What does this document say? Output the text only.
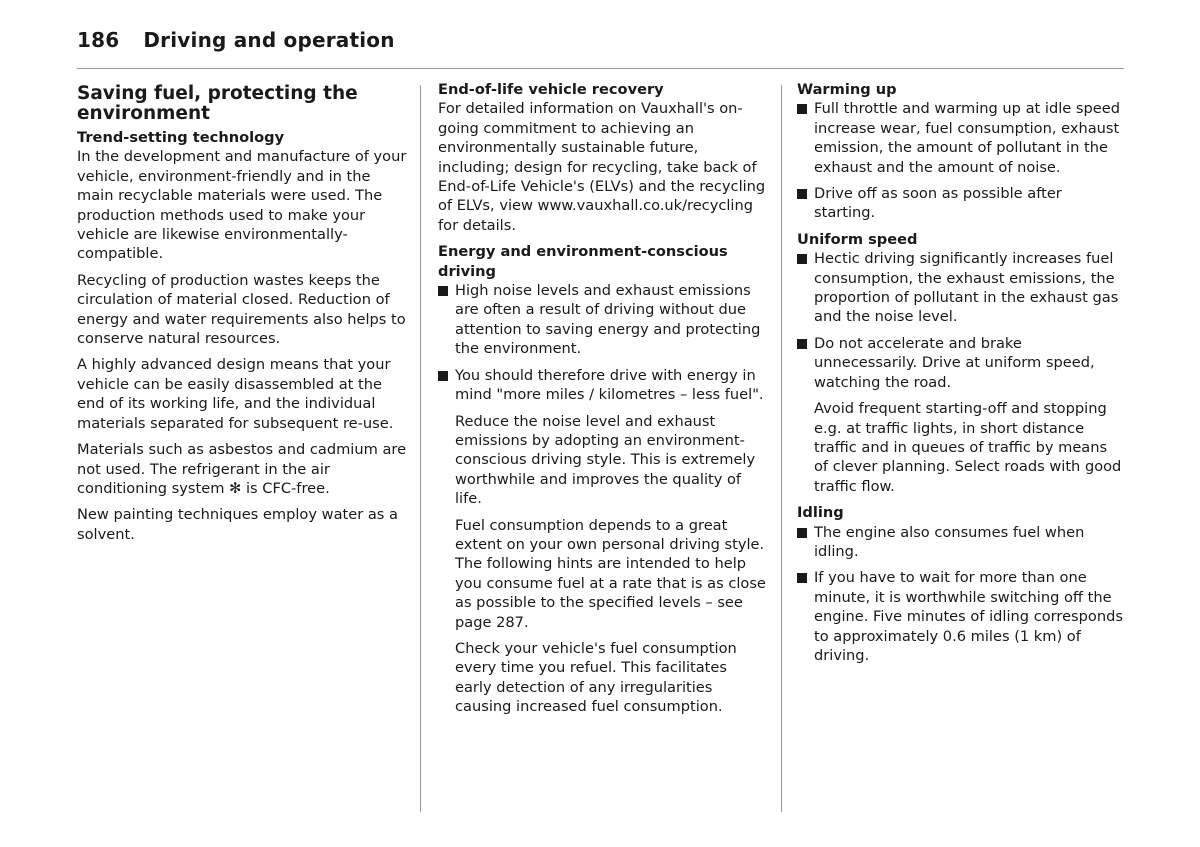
186 Driving and operation
Saving fuel, protecting the environment
Trend-setting technology

In the development and manufacture of your vehicle, environment-friendly and in the main recyclable materials were used. The production methods used to make your vehicle are likewise environmentally-compatible.

Recycling of production wastes keeps the circulation of material closed. Reduction of energy and water requirements also helps to conserve natural resources.

A highly advanced design means that your vehicle can be easily disassembled at the end of its working life, and the individual materials separated for subsequent re-use.

Materials such as asbestos and cadmium are not used. The refrigerant in the air conditioning system ✻ is CFC-free.

New painting techniques employ water as a solvent.

End-of-life vehicle recovery

For detailed information on Vauxhall's on-going commitment to achieving an environmentally sustainable future, including; design for recycling, take back of End-of-Life Vehicle's (ELVs) and the recycling of ELVs, view www.vauxhall.co.uk/recycling for details.

Energy and environment-conscious driving
High noise levels and exhaust emissions are often a result of driving without due attention to saving energy and protecting the environment.
You should therefore drive with energy in mind "more miles / kilometres – less fuel".

Reduce the noise level and exhaust emissions by adopting an environment-conscious driving style. This is extremely worthwhile and improves the quality of life.

Fuel consumption depends to a great extent on your own personal driving style. The following hints are intended to help you consume fuel at a rate that is as close as possible to the specified levels – see page 287.

Check your vehicle's fuel consumption every time you refuel. This facilitates early detection of any irregularities causing increased fuel consumption.

Warming up
Full throttle and warming up at idle speed increase wear, fuel consumption, exhaust emission, the amount of pollutant in the exhaust and the amount of noise.
Drive off as soon as possible after starting.
Uniform speed
Hectic driving significantly increases fuel consumption, the exhaust emissions, the proportion of pollutant in the exhaust gas and the noise level.
Do not accelerate and brake unnecessarily. Drive at uniform speed, watching the road.

Avoid frequent starting-off and stopping e.g. at traffic lights, in short distance traffic and in queues of traffic by means of clever planning. Select roads with good traffic flow.

Idling
The engine also consumes fuel when idling.
If you have to wait for more than one minute, it is worthwhile switching off the engine. Five minutes of idling corresponds to approximately 0.6 miles (1 km) of driving.
